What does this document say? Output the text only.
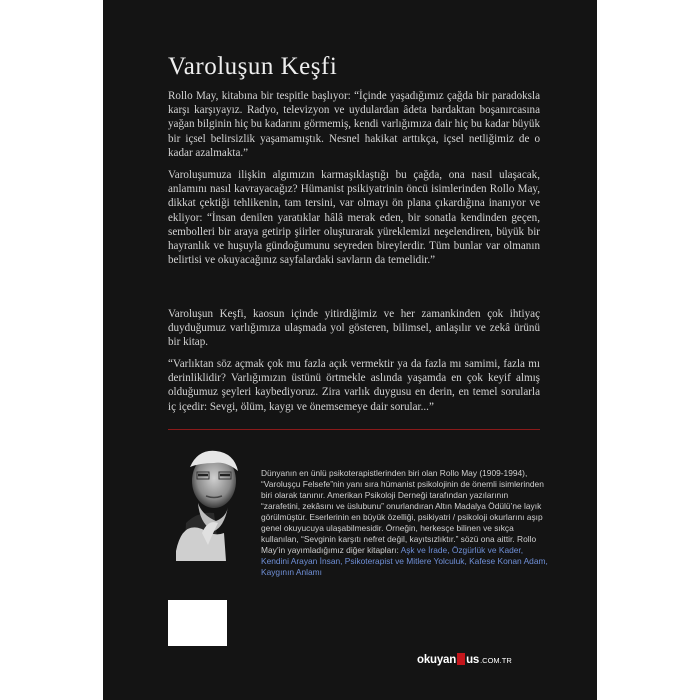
Varoluşun Keşfi

Rollo May, kitabına bir tespitle başlıyor: “İçinde yaşadığımız çağda bir paradoksla karşı karşıyayız. Radyo, televizyon ve uydulardan âdeta bardaktan boşanırcasına yağan bilginin hiç bu kadarını görmemiş, kendi varlığımıza dair hiç bu kadar büyük bir içsel belirsizlik yaşamamıştık. Nesnel hakikat arttıkça, içsel netliğimiz de o kadar azalmakta.”

Varoluşumuza ilişkin algımızın karmaşıklaştığı bu çağda, ona nasıl ulaşacak, anlamını nasıl kavrayacağız? Hümanist psikiyatrinin öncü isimlerinden Rollo May, dikkat çektiği tehlikenin, tam tersini, var olmayı ön plana çıkardığına inanıyor ve ekliyor: “İnsan denilen yaratıklar hâlâ merak eden, bir sonatla kendinden geçen, sembolleri bir araya getirip şiirler oluşturarak yüreklemizi neşelendiren, büyük bir hayranlık ve huşuyla gündoğumunu seyreden bireylerdir. Tüm bunlar var olmanın belirtisi ve okuyacağınız sayfalardaki savların da temelidir.”

Varoluşun Keşfi, kaosun içinde yitirdiğimiz ve her zamankinden çok ihtiyaç duyduğumuz varlığımıza ulaşmada yol gösteren, bilimsel, anlaşılır ve zekâ ürünü bir kitap.

“Varlıktan söz açmak çok mu fazla açık vermektir ya da fazla mı samimi, fazla mı derinliklidir? Varlığımızın üstünü örtmekle aslında yaşamda en çok keyif almış olduğumuz şeyleri kaybediyoruz. Zira varlık duygusu en derin, en temel sorularla iç içedir: Sevgi, ölüm, kaygı ve önemsemeye dair sorular...”

Dünyanın en ünlü psikoterapistlerinden biri olan Rollo May (1909-1994), “Varoluşçu Felsefe”nin yanı sıra hümanist psikolojinin de önemli isimlerinden biri olarak tanınır. Amerikan Psikoloji Derneği tarafından yazılarının “zarafetini, zekâsını ve üslubunu” onurlandıran Altın Madalya Ödülü’ne layık görülmüştür. Eserlerinin en büyük özelliği, psikiyatri / psikoloji okurlarını aşıp genel okuyucuya ulaşabilmesidir. Örneğin, herkesçe bilinen ve sıkça kullanılan, “Sevginin karşıtı nefret değil, kayıtsızlıktır.” sözü ona aittir. Rollo May’in yayımladığımız diğer kitapları: Aşk ve İrade, Özgürlük ve Kader, Kendini Arayan İnsan, Psikoterapist ve Mitlere Yolculuk, Kafese Konan Adam, Kaygının Anlamı

okuyan us .COM.TR
